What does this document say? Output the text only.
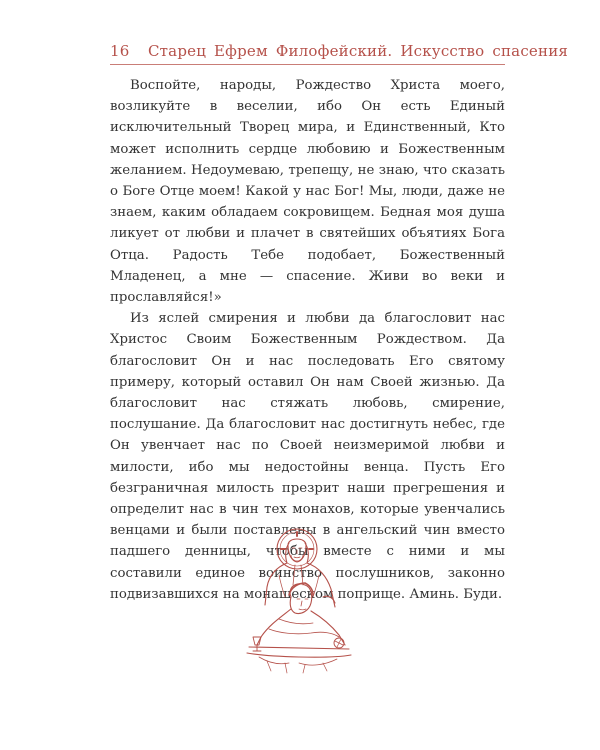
16 Старец Ефрем Филофейский. Искусство спасения

Воспойте, народы, Рождество Христа моего, возликуйте в веселии, ибо Он есть Единый исключительный Творец мира, и Единственный, Кто может исполнить сердце любовию и Божественным желанием. Недоумеваю, трепещу, не знаю, что сказать о Боге Отце моем! Какой у нас Бог! Мы, люди, даже не знаем, каким обладаем сокровищем. Бедная моя душа ликует от любви и плачет в святейших объятиях Бога Отца. Радость Тебе подобает, Божественный Младенец, а мне — спасение. Живи во веки и прославляйся!»

Из яслей смирения и любви да благословит нас Христос Своим Божественным Рождеством. Да благословит Он и нас последовать Его святому примеру, который оставил Он нам Своей жизнью. Да благословит нас стяжать любовь, смирение, послушание. Да благословит нас достигнуть небес, где Он увенчает нас по Своей неизмеримой любви и милости, ибо мы недостойны венца. Пусть Его безграничная милость презрит наши прегрешения и определит нас в чин тех монахов, которые увенчались венцами и были поставлены в ангельский чин вместо падшего денницы, чтобы вместе с ними и мы составили единое воинство послушников, законно подвизавшихся на монашеском поприще. Аминь. Буди.
